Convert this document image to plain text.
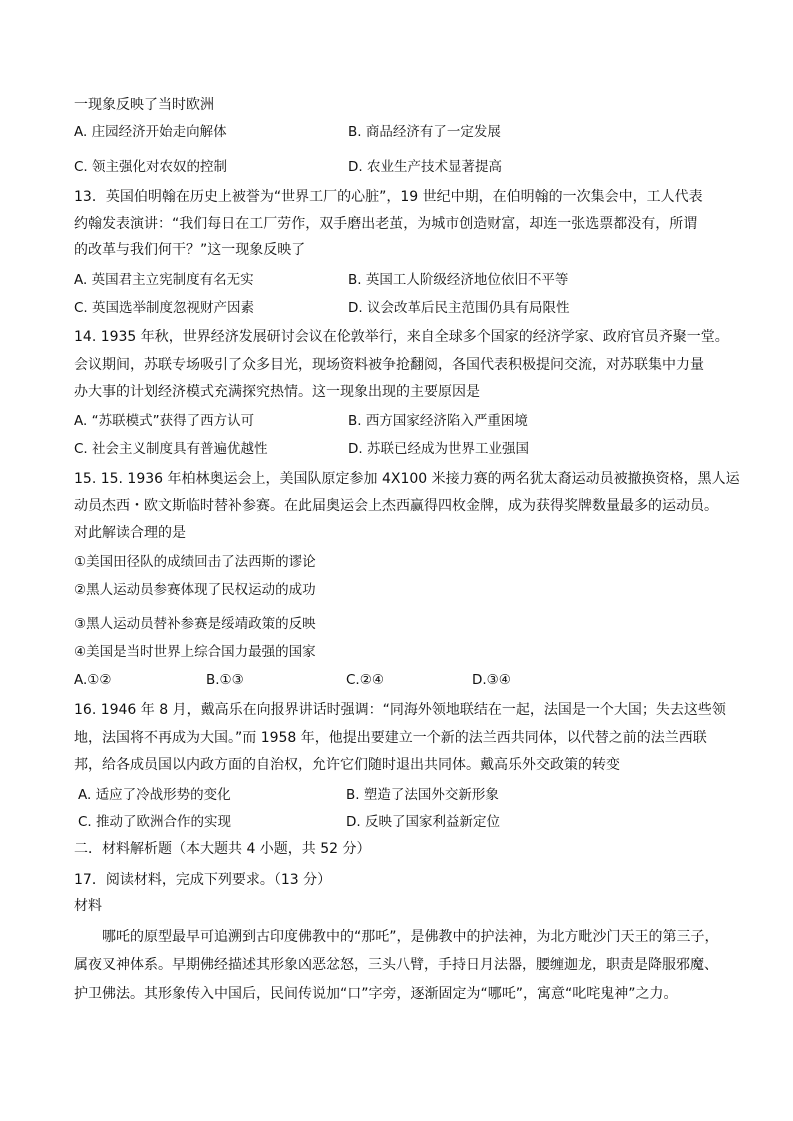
一现象反映了当时欧洲
A. 庄园经济开始走向解体	B. 商品经济有了一定发展
C. 领主强化对农奴的控制	D. 农业生产技术显著提高
13．英国伯明翰在历史上被誉为“世界工厂的心脏”，19 世纪中期，在伯明翰的一次集会中，工人代表
约翰发表演讲：“我们每日在工厂劳作，双手磨出老茧，为城市创造财富，却连一张选票都没有，所谓
的改革与我们何干？”这一现象反映了
A. 英国君主立宪制度有名无实	B. 英国工人阶级经济地位依旧不平等
C. 英国选举制度忽视财产因素	D. 议会改革后民主范围仍具有局限性
14. 1935 年秋，世界经济发展研讨会议在伦敦举行，来自全球多个国家的经济学家、政府官员齐聚一堂。
会议期间，苏联专场吸引了众多目光，现场资料被争抢翻阅，各国代表积极提问交流，对苏联集中力量
办大事的计划经济模式充满探究热情。这一现象出现的主要原因是
A. “苏联模式”获得了西方认可	B. 西方国家经济陷入严重困境
C. 社会主义制度具有普遍优越性	D. 苏联已经成为世界工业强国
15. 15. 1936 年柏林奥运会上，美国队原定参加 4X100 米接力赛的两名犹太裔运动员被撤换资格，黑人运
动员杰西・欧文斯临时替补参赛。在此届奥运会上杰西赢得四枚金牌，成为获得奖牌数量最多的运动员。
对此解读合理的是
①美国田径队的成绩回击了法西斯的谬论
②黑人运动员参赛体现了民权运动的成功
③黑人运动员替补参赛是绥靖政策的反映
④美国是当时世界上综合国力最强的国家
A.①②	B.①③	C.②④	D.③④
16. 1946 年 8 月，戴高乐在向报界讲话时强调：“同海外领地联结在一起，法国是一个大国；失去这些领
地，法国将不再成为大国。”而 1958 年，他提出要建立一个新的法兰西共同体，以代替之前的法兰西联
邦，给各成员国以内政方面的自治权，允许它们随时退出共同体。戴高乐外交政策的转变
A. 适应了冷战形势的变化	B. 塑造了法国外交新形象
C. 推动了欧洲合作的实现	D. 反映了国家利益新定位
二．材料解析题（本大题共 4 小题，共 52 分）
17．阅读材料，完成下列要求。（13 分）
材料
哪吒的原型最早可追溯到古印度佛教中的“那吒”，是佛教中的护法神，为北方毗沙门天王的第三子，
属夜叉神体系。早期佛经描述其形象凶恶忿怒，三头八臂，手持日月法器，腰缠迦龙，职责是降服邪魔、
护卫佛法。其形象传入中国后，民间传说加“口”字旁，逐渐固定为“哪吒”，寓意“叱咤鬼神”之力。
